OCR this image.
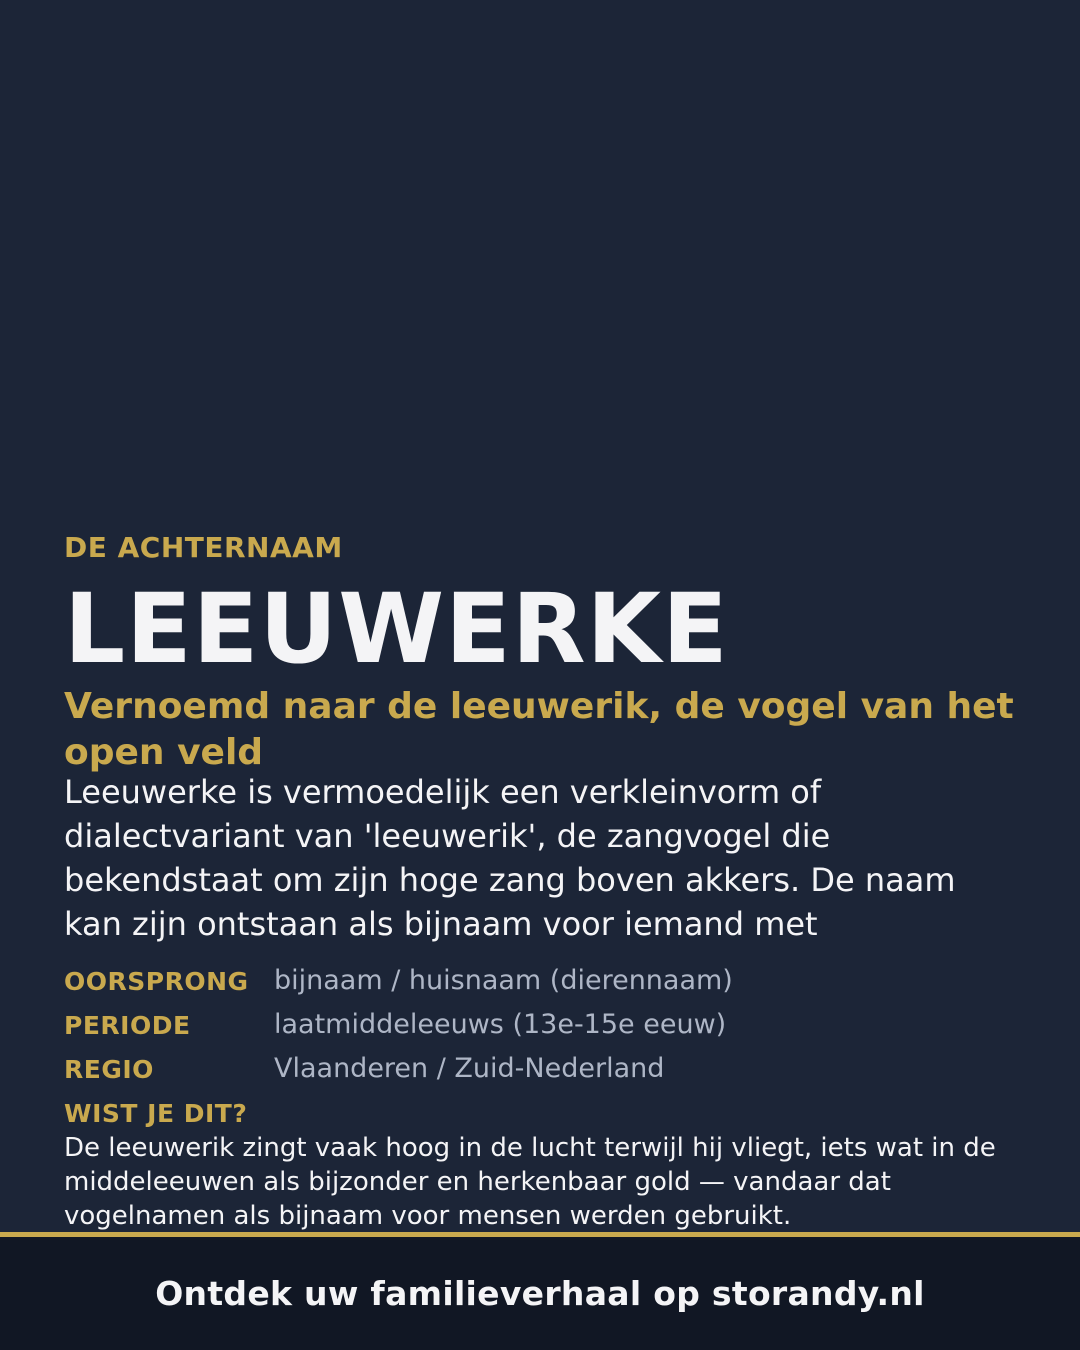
DE ACHTERNAAM

LEEUWERKE
Vernoemd naar de leeuwerik, de vogel van het open veld

Leeuwerke is vermoedelijk een verkleinvorm of dialectvariant van 'leeuwerik', de zangvogel die bekendstaat om zijn hoge zang boven akkers. De naam kan zijn ontstaan als bijnaam voor iemand met

OORSPRONG bijnaam / huisnaam (dierennaam)
PERIODE	laatmiddeleeuws (13e-15e eeuw)
REGIO	Vlaanderen / Zuid-Nederland

WIST JE DIT?

De leeuwerik zingt vaak hoog in de lucht terwijl hij vliegt, iets wat in de middeleeuwen als bijzonder en herkenbaar gold — vandaar dat vogelnamen als bijnaam voor mensen werden gebruikt.

Ontdek uw familieverhaal op storandy.nl
